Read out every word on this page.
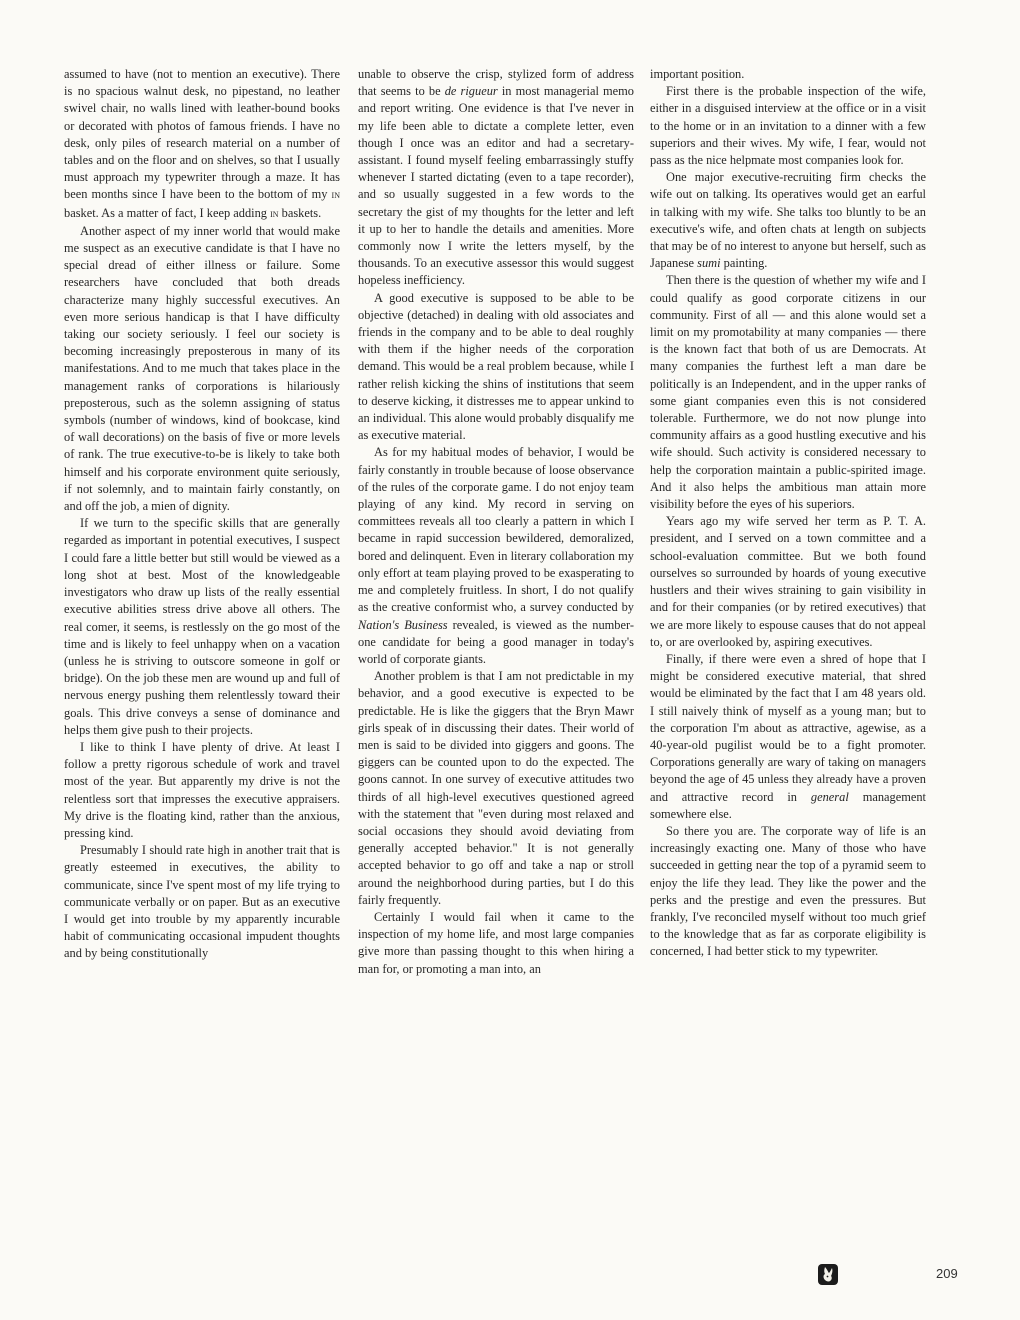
assumed to have (not to mention an executive). There is no spacious walnut desk, no pipestand, no leather swivel chair, no walls lined with leather-bound books or decorated with photos of famous friends. I have no desk, only piles of research material on a number of tables and on the floor and on shelves, so that I usually must approach my typewriter through a maze. It has been months since I have been to the bottom of my in basket. As a matter of fact, I keep adding in baskets.

Another aspect of my inner world that would make me suspect as an executive candidate is that I have no special dread of either illness or failure. Some researchers have concluded that both dreads characterize many highly successful executives. An even more serious handicap is that I have difficulty taking our society seriously. I feel our society is becoming increasingly preposterous in many of its manifestations. And to me much that takes place in the management ranks of corporations is hilariously preposterous, such as the solemn assigning of status symbols (number of windows, kind of bookcase, kind of wall decorations) on the basis of five or more levels of rank. The true executive-to-be is likely to take both himself and his corporate environment quite seriously, if not solemnly, and to maintain fairly constantly, on and off the job, a mien of dignity.

If we turn to the specific skills that are generally regarded as important in potential executives, I suspect I could fare a little better but still would be viewed as a long shot at best. Most of the knowledgeable investigators who draw up lists of the really essential executive abilities stress drive above all others. The real comer, it seems, is restlessly on the go most of the time and is likely to feel unhappy when on a vacation (unless he is striving to outscore someone in golf or bridge). On the job these men are wound up and full of nervous energy pushing them relentlessly toward their goals. This drive conveys a sense of dominance and helps them give push to their projects.

I like to think I have plenty of drive. At least I follow a pretty rigorous schedule of work and travel most of the year. But apparently my drive is not the relentless sort that impresses the executive appraisers. My drive is the floating kind, rather than the anxious, pressing kind.

Presumably I should rate high in another trait that is greatly esteemed in executives, the ability to communicate, since I've spent most of my life trying to communicate verbally or on paper. But as an executive I would get into trouble by my apparently incurable habit of communicating occasional impudent thoughts and by being constitutionally

unable to observe the crisp, stylized form of address that seems to be de rigueur in most managerial memo and report writing. One evidence is that I've never in my life been able to dictate a complete letter, even though I once was an editor and had a secretary-assistant. I found myself feeling embarrassingly stuffy whenever I started dictating (even to a tape recorder), and so usually suggested in a few words to the secretary the gist of my thoughts for the letter and left it up to her to handle the details and amenities. More commonly now I write the letters myself, by the thousands. To an executive assessor this would suggest hopeless inefficiency.

A good executive is supposed to be able to be objective (detached) in dealing with old associates and friends in the company and to be able to deal roughly with them if the higher needs of the corporation demand. This would be a real problem because, while I rather relish kicking the shins of institutions that seem to deserve kicking, it distresses me to appear unkind to an individual. This alone would probably disqualify me as executive material.

As for my habitual modes of behavior, I would be fairly constantly in trouble because of loose observance of the rules of the corporate game. I do not enjoy team playing of any kind. My record in serving on committees reveals all too clearly a pattern in which I became in rapid succession bewildered, demoralized, bored and delinquent. Even in literary collaboration my only effort at team playing proved to be exasperating to me and completely fruitless. In short, I do not qualify as the creative conformist who, a survey conducted by Nation's Business revealed, is viewed as the number-one candidate for being a good manager in today's world of corporate giants.

Another problem is that I am not predictable in my behavior, and a good executive is expected to be predictable. He is like the giggers that the Bryn Mawr girls speak of in discussing their dates. Their world of men is said to be divided into giggers and goons. The giggers can be counted upon to do the expected. The goons cannot. In one survey of executive attitudes two thirds of all high-level executives questioned agreed with the statement that "even during most relaxed and social occasions they should avoid deviating from generally accepted behavior." It is not generally accepted behavior to go off and take a nap or stroll around the neighborhood during parties, but I do this fairly frequently.

Certainly I would fail when it came to the inspection of my home life, and most large companies give more than passing thought to this when hiring a man for, or promoting a man into, an

important position.

First there is the probable inspection of the wife, either in a disguised interview at the office or in a visit to the home or in an invitation to a dinner with a few superiors and their wives. My wife, I fear, would not pass as the nice helpmate most companies look for.

One major executive-recruiting firm checks the wife out on talking. Its operatives would get an earful in talking with my wife. She talks too bluntly to be an executive's wife, and often chats at length on subjects that may be of no interest to anyone but herself, such as Japanese sumi painting.

Then there is the question of whether my wife and I could qualify as good corporate citizens in our community. First of all — and this alone would set a limit on my promotability at many companies — there is the known fact that both of us are Democrats. At many companies the furthest left a man dare be politically is an Independent, and in the upper ranks of some giant companies even this is not considered tolerable. Furthermore, we do not now plunge into community affairs as a good hustling executive and his wife should. Such activity is considered necessary to help the corporation maintain a public-spirited image. And it also helps the ambitious man attain more visibility before the eyes of his superiors.

Years ago my wife served her term as P. T. A. president, and I served on a town committee and a school-evaluation committee. But we both found ourselves so surrounded by hoards of young executive hustlers and their wives straining to gain visibility in and for their companies (or by retired executives) that we are more likely to espouse causes that do not appeal to, or are overlooked by, aspiring executives.

Finally, if there were even a shred of hope that I might be considered executive material, that shred would be eliminated by the fact that I am 48 years old. I still naively think of myself as a young man; but to the corporation I'm about as attractive, agewise, as a 40-year-old pugilist would be to a fight promoter. Corporations generally are wary of taking on managers beyond the age of 45 unless they already have a proven and attractive record in general management somewhere else.

So there you are. The corporate way of life is an increasingly exacting one. Many of those who have succeeded in getting near the top of a pyramid seem to enjoy the life they lead. They like the power and the perks and the prestige and even the pressures. But frankly, I've reconciled myself without too much grief to the knowledge that as far as corporate eligibility is concerned, I had better stick to my typewriter.

209
